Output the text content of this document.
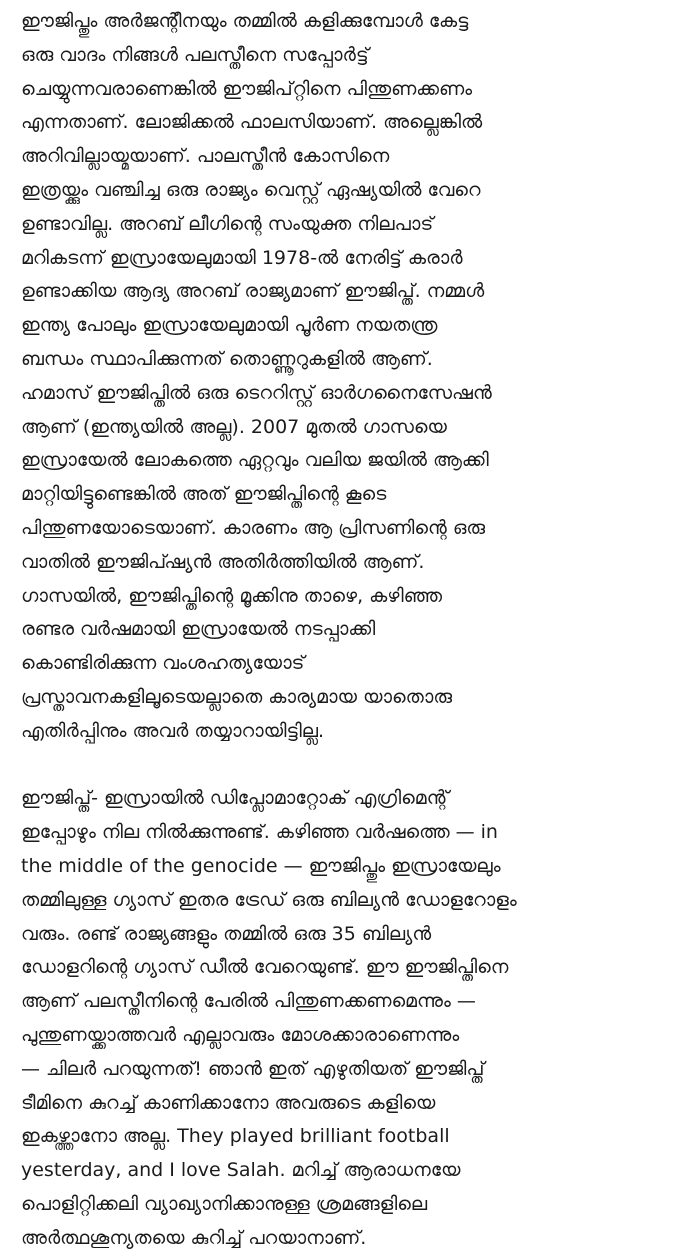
ഈജിപ്തും അർജന്റീനയും തമ്മിൽ കളിക്കുമ്പോൾ കേട്ട
ഒരു വാദം നിങ്ങൾ പലസ്തീനെ സപ്പോർട്ട്
ചെയ്യുന്നവരാണെങ്കിൽ ഈജിപ്റ്റിനെ പിന്തുണക്കണം
എന്നതാണ്. ലോജിക്കൽ ഫാലസിയാണ്. അല്ലെങ്കിൽ
അറിവില്ലായ്മയാണ്. പാലസ്തീൻ കോസിനെ
ഇത്രയ്ക്കും വഞ്ചിച്ച ഒരു രാജ്യം വെസ്റ്റ് ഏഷ്യയിൽ വേറെ
ഉണ്ടാവില്ല. അറബ് ലീഗിന്റെ സംയുക്ത നിലപാട്
മറികടന്ന് ഇസ്രായേലുമായി 1978-ൽ നേരിട്ട് കരാർ
ഉണ്ടാക്കിയ ആദ്യ അറബ് രാജ്യമാണ് ഈജിപ്ത്. നമ്മൾ
ഇന്ത്യ പോലും ഇസ്രായേലുമായി പൂർണ നയതന്ത്ര
ബന്ധം സ്ഥാപിക്കുന്നത് തൊണ്ണൂറുകളിൽ ആണ്.
ഹമാസ് ഈജിപ്തിൽ ഒരു ടെററിസ്റ്റ് ഓർഗനൈസേഷൻ
ആണ് (ഇന്ത്യയിൽ അല്ല). 2007 മുതൽ ഗാസയെ
ഇസ്രായേൽ ലോകത്തെ ഏറ്റവും വലിയ ജയിൽ ആക്കി
മാറ്റിയിട്ടുണ്ടെങ്കിൽ അത് ഈജിപ്തിന്റെ കൂടെ
പിന്തുണയോടെയാണ്. കാരണം ആ പ്രിസണിന്റെ ഒരു
വാതിൽ ഈജിപ്ഷ്യൻ അതിർത്തിയിൽ ആണ്.
ഗാസയിൽ, ഈജിപ്തിന്റെ മൂക്കിനു താഴെ, കഴിഞ്ഞ
രണ്ടര വർഷമായി ഇസ്രായേൽ നടപ്പാക്കി
കൊണ്ടിരിക്കുന്ന വംശഹത്യയോട്
പ്രസ്താവനകളിലൂടെയല്ലാതെ കാര്യമായ യാതൊരു
എതിർപ്പിനും അവർ തയ്യാറായിട്ടില്ല.
ഈജിപ്ത്- ഇസ്രായിൽ ഡിപ്ലോമാറ്റോക് എഗ്രിമെന്റ്
ഇപ്പോഴും നില നിൽക്കുന്നുണ്ട്. കഴിഞ്ഞ വർഷത്തെ — in
the middle of the genocide — ഈജിപ്തും ഇസ്രായേലും
തമ്മിലുള്ള ഗ്യാസ് ഇതര ട്രേഡ് ഒരു ബില്യൻ ഡോളറോളം
വരും. രണ്ട് രാജ്യങ്ങളും തമ്മിൽ ഒരു 35 ബില്യൻ
ഡോളറിന്റെ ഗ്യാസ് ഡീൽ വേറെയുണ്ട്. ഈ ഈജിപ്തിനെ
ആണ് പലസ്തീനിന്റെ പേരിൽ പിന്തുണക്കണമെന്നും —
പുന്തുണയ്ക്കാത്തവർ എല്ലാവരും മോശക്കാരാണെന്നും
— ചിലർ പറയുന്നത്! ഞാൻ ഇത് എഴുതിയത് ഈജിപ്ത്
ടീമിനെ കുറച്ച് കാണിക്കാനോ അവരുടെ കളിയെ
ഇകഴ്ത്താനോ അല്ല. They played brilliant football
yesterday, and I love Salah. മറിച്ച് ആരാധനയേ
പൊളിറ്റിക്കലി വ്യാഖ്യാനിക്കാനുള്ള ശ്രമങ്ങളിലെ
അർത്ഥശൂന്യതയെ കുറിച്ച് പറയാനാണ്.
